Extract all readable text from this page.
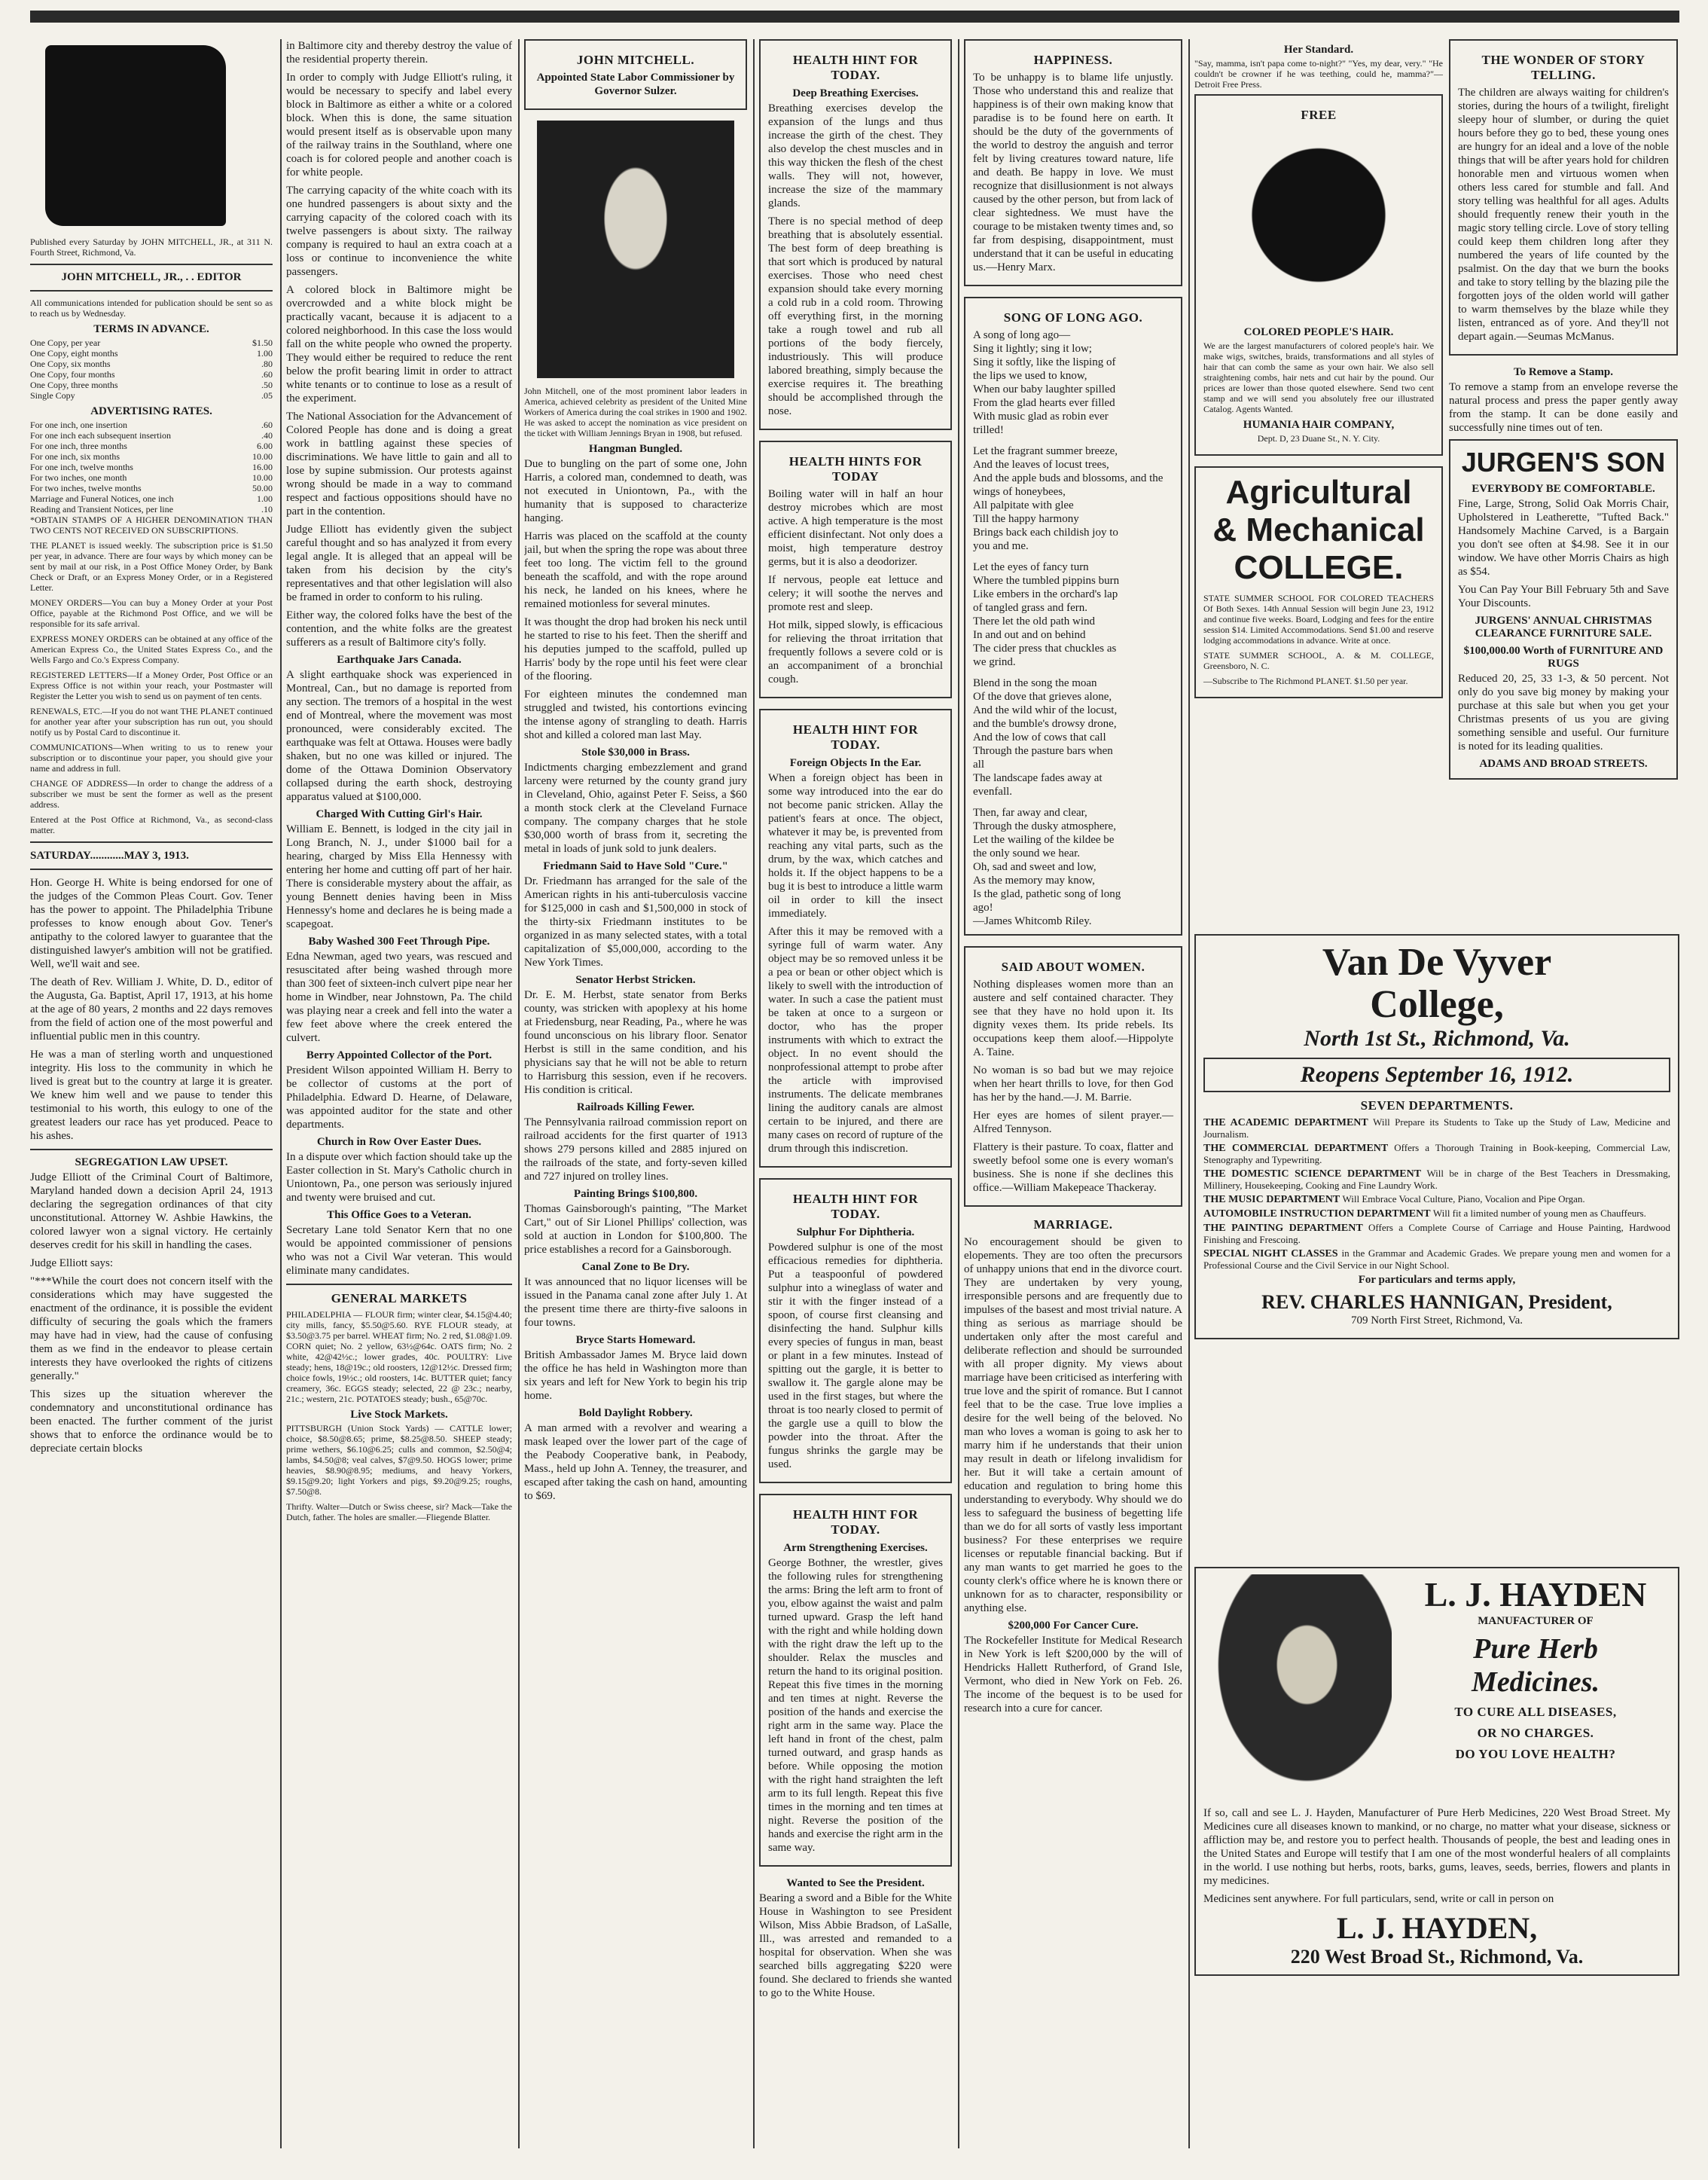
Published every Saturday by JOHN MITCHELL, JR., at 311 N. Fourth Street, Richmond, Va.

JOHN MITCHELL, JR., . . EDITOR

All communications intended for publication should be sent so as to reach us by Wednesday.

TERMS IN ADVANCE.
One Copy, per year	$1.50
One Copy, eight months	1.00
One Copy, six months	.80
One Copy, four months	.60
One Copy, three months	.50
Single Copy	.05
ADVERTISING RATES.
For one inch, one insertion	.60
For one inch each subsequent insertion	.40
For one inch, three months	6.00
For one inch, six months	10.00
For one inch, twelve months	16.00
For two inches, one month	10.00
For two inches, twelve months	50.00
Marriage and Funeral Notices, one inch	1.00
Reading and Transient Notices, per line	.10

*OBTAIN STAMPS OF A HIGHER DENOMINATION THAN TWO CENTS NOT RECEIVED ON SUBSCRIPTIONS.

THE PLANET is issued weekly. The subscription price is $1.50 per year, in advance. There are four ways by which money can be sent by mail at our risk, in a Post Office Money Order, by Bank Check or Draft, or an Express Money Order, or in a Registered Letter.

MONEY ORDERS—You can buy a Money Order at your Post Office, payable at the Richmond Post Office, and we will be responsible for its safe arrival.

EXPRESS MONEY ORDERS can be obtained at any office of the American Express Co., the United States Express Co., and the Wells Fargo and Co.'s Express Company.

REGISTERED LETTERS—If a Money Order, Post Office or an Express Office is not within your reach, your Postmaster will Register the Letter you wish to send us on payment of ten cents.

RENEWALS, ETC.—If you do not want THE PLANET continued for another year after your subscription has run out, you should notify us by Postal Card to discontinue it.

COMMUNICATIONS—When writing to us to renew your subscription or to discontinue your paper, you should give your name and address in full.

CHANGE OF ADDRESS—In order to change the address of a subscriber we must be sent the former as well as the present address.

Entered at the Post Office at Richmond, Va., as second-class matter.

SATURDAY............MAY 3, 1913.

Hon. George H. White is being endorsed for one of the judges of the Common Pleas Court. Gov. Tener has the power to appoint. The Philadelphia Tribune professes to know enough about Gov. Tener's antipathy to the colored lawyer to guarantee that the distinguished lawyer's ambition will not be gratified. Well, we'll wait and see.

The death of Rev. William J. White, D. D., editor of the Augusta, Ga. Baptist, April 17, 1913, at his home at the age of 80 years, 2 months and 22 days removes from the field of action one of the most powerful and influential public men in this country.

He was a man of sterling worth and unquestioned integrity. His loss to the community in which he lived is great but to the country at large it is greater. We knew him well and we pause to tender this testimonial to his worth, this eulogy to one of the greatest leaders our race has yet produced. Peace to his ashes.

SEGREGATION LAW UPSET.

Judge Elliott of the Criminal Court of Baltimore, Maryland handed down a decision April 24, 1913 declaring the segregation ordinances of that city unconstitutional. Attorney W. Ashbie Hawkins, the colored lawyer won a signal victory. He certainly deserves credit for his skill in handling the cases.

Judge Elliott says:

"***While the court does not concern itself with the considerations which may have suggested the enactment of the ordinance, it is possible the evident difficulty of securing the goals which the framers may have had in view, had the cause of confusing them as we find in the endeavor to please certain interests they have overlooked the rights of citizens generally."

This sizes up the situation wherever the condemnatory and unconstitutional ordinance has been enacted. The further comment of the jurist shows that to enforce the ordinance would be to depreciate certain blocks

in Baltimore city and thereby destroy the value of the residential property therein.

In order to comply with Judge Elliott's ruling, it would be necessary to specify and label every block in Baltimore as either a white or a colored block. When this is done, the same situation would present itself as is observable upon many of the railway trains in the Southland, where one coach is for colored people and another coach is for white people.

The carrying capacity of the white coach with its one hundred passengers is about sixty and the carrying capacity of the colored coach with its twelve passengers is about sixty. The railway company is required to haul an extra coach at a loss or continue to inconvenience the white passengers.

A colored block in Baltimore might be overcrowded and a white block might be practically vacant, because it is adjacent to a colored neighborhood. In this case the loss would fall on the white people who owned the property. They would either be required to reduce the rent below the profit bearing limit in order to attract white tenants or to continue to lose as a result of the experiment.

The National Association for the Advancement of Colored People has done and is doing a great work in battling against these species of discriminations. We have little to gain and all to lose by supine submission. Our protests against wrong should be made in a way to command respect and factious oppositions should have no part in the contention.

Judge Elliott has evidently given the subject careful thought and so has analyzed it from every legal angle. It is alleged that an appeal will be taken from his decision by the city's representatives and that other legislation will also be framed in order to conform to his ruling.

Either way, the colored folks have the best of the contention, and the white folks are the greatest sufferers as a result of Baltimore city's folly.

Earthquake Jars Canada.

A slight earthquake shock was experienced in Montreal, Can., but no damage is reported from any section. The tremors of a hospital in the west end of Montreal, where the movement was most pronounced, were considerably excited. The earthquake was felt at Ottawa. Houses were badly shaken, but no one was killed or injured. The dome of the Ottawa Dominion Observatory collapsed during the earth shock, destroying apparatus valued at $100,000.

Charged With Cutting Girl's Hair.

William E. Bennett, is lodged in the city jail in Long Branch, N. J., under $1000 bail for a hearing, charged by Miss Ella Hennessy with entering her home and cutting off part of her hair. There is considerable mystery about the affair, as young Bennett denies having been in Miss Hennessy's home and declares he is being made a scapegoat.

Baby Washed 300 Feet Through Pipe.

Edna Newman, aged two years, was rescued and resuscitated after being washed through more than 300 feet of sixteen-inch culvert pipe near her home in Windber, near Johnstown, Pa. The child was playing near a creek and fell into the water a few feet above where the creek entered the culvert.

Berry Appointed Collector of the Port.

President Wilson appointed William H. Berry to be collector of customs at the port of Philadelphia. Edward D. Hearne, of Delaware, was appointed auditor for the state and other departments.

Church in Row Over Easter Dues.

In a dispute over which faction should take up the Easter collection in St. Mary's Catholic church in Uniontown, Pa., one person was seriously injured and twenty were bruised and cut.

This Office Goes to a Veteran.

Secretary Lane told Senator Kern that no one would be appointed commissioner of pensions who was not a Civil War veteran. This would eliminate many candidates.

GENERAL MARKETS

PHILADELPHIA — FLOUR firm; winter clear, $4.15@4.40; city mills, fancy, $5.50@5.60. RYE FLOUR steady, at $3.50@3.75 per barrel. WHEAT firm; No. 2 red, $1.08@1.09. CORN quiet; No. 2 yellow, 63½@64c. OATS firm; No. 2 white, 42@42½c.; lower grades, 40c. POULTRY: Live steady; hens, 18@19c.; old roosters, 12@12½c. Dressed firm; choice fowls, 19½c.; old roosters, 14c. BUTTER quiet; fancy creamery, 36c. EGGS steady; selected, 22 @ 23c.; nearby, 21c.; western, 21c. POTATOES steady; bush., 65@70c.

Live Stock Markets.

PITTSBURGH (Union Stock Yards) — CATTLE lower; choice, $8.50@8.65; prime, $8.25@8.50. SHEEP steady; prime wethers, $6.10@6.25; culls and common, $2.50@4; lambs, $4.50@8; veal calves, $7@9.50. HOGS lower; prime heavies, $8.90@8.95; mediums, and heavy Yorkers, $9.15@9.20; light Yorkers and pigs, $9.20@9.25; roughs, $7.50@8.

Thrifty. Walter—Dutch or Swiss cheese, sir? Mack—Take the Dutch, father. The holes are smaller.—Fliegende Blatter.

JOHN MITCHELL.

Appointed State Labor Commissioner by Governor Sulzer.

John Mitchell, one of the most prominent labor leaders in America, achieved celebrity as president of the United Mine Workers of America during the coal strikes in 1900 and 1902. He was asked to accept the nomination as vice president on the ticket with William Jennings Bryan in 1908, but refused.

Hangman Bungled.

Due to bungling on the part of some one, John Harris, a colored man, condemned to death, was not executed in Uniontown, Pa., with the humanity that is supposed to characterize hanging.

Harris was placed on the scaffold at the county jail, but when the spring the rope was about three feet too long. The victim fell to the ground beneath the scaffold, and with the rope around his neck, he landed on his knees, where he remained motionless for several minutes.

It was thought the drop had broken his neck until he started to rise to his feet. Then the sheriff and his deputies jumped to the scaffold, pulled up Harris' body by the rope until his feet were clear of the flooring.

For eighteen minutes the condemned man struggled and twisted, his contortions evincing the intense agony of strangling to death. Harris shot and killed a colored man last May.

Stole $30,000 in Brass.

Indictments charging embezzlement and grand larceny were returned by the county grand jury in Cleveland, Ohio, against Peter F. Seiss, a $60 a month stock clerk at the Cleveland Furnace company. The company charges that he stole $30,000 worth of brass from it, secreting the metal in loads of junk sold to junk dealers.

Friedmann Said to Have Sold "Cure."

Dr. Friedmann has arranged for the sale of the American rights in his anti-tuberculosis vaccine for $125,000 in cash and $1,500,000 in stock of the thirty-six Friedmann institutes to be organized in as many selected states, with a total capitalization of $5,000,000, according to the New York Times.

Senator Herbst Stricken.

Dr. E. M. Herbst, state senator from Berks county, was stricken with apoplexy at his home at Friedensburg, near Reading, Pa., where he was found unconscious on his library floor. Senator Herbst is still in the same condition, and his physicians say that he will not be able to return to Harrisburg this session, even if he recovers. His condition is critical.

Railroads Killing Fewer.

The Pennsylvania railroad commission report on railroad accidents for the first quarter of 1913 shows 279 persons killed and 2885 injured on the railroads of the state, and forty-seven killed and 727 injured on trolley lines.

Painting Brings $100,800.

Thomas Gainsborough's painting, "The Market Cart," out of Sir Lionel Phillips' collection, was sold at auction in London for $100,800. The price establishes a record for a Gainsborough.

Canal Zone to Be Dry.

It was announced that no liquor licenses will be issued in the Panama canal zone after July 1. At the present time there are thirty-five saloons in four towns.

Bryce Starts Homeward.

British Ambassador James M. Bryce laid down the office he has held in Washington more than six years and left for New York to begin his trip home.

Bold Daylight Robbery.

A man armed with a revolver and wearing a mask leaped over the lower part of the cage of the Peabody Cooperative bank, in Peabody, Mass., held up John A. Tenney, the treasurer, and escaped after taking the cash on hand, amounting to $69.

HEALTH HINT FOR TODAY.
Deep Breathing Exercises.

Breathing exercises develop the expansion of the lungs and thus increase the girth of the chest. They also develop the chest muscles and in this way thicken the flesh of the chest walls. They will not, however, increase the size of the mammary glands.

There is no special method of deep breathing that is absolutely essential. The best form of deep breathing is that sort which is produced by natural exercises. Those who need chest expansion should take every morning a cold rub in a cold room. Throwing off everything first, in the morning take a rough towel and rub all portions of the body fiercely, industriously. This will produce labored breathing, simply because the exercise requires it. The breathing should be accomplished through the nose.

HEALTH HINTS FOR TODAY

Boiling water will in half an hour destroy microbes which are most active. A high temperature is the most efficient disinfectant. Not only does a moist, high temperature destroy germs, but it is also a deodorizer.

If nervous, people eat lettuce and celery; it will soothe the nerves and promote rest and sleep.

Hot milk, sipped slowly, is efficacious for relieving the throat irritation that frequently follows a severe cold or is an accompaniment of a bronchial cough.

HEALTH HINT FOR TODAY.
Foreign Objects In the Ear.

When a foreign object has been in some way introduced into the ear do not become panic stricken. Allay the patient's fears at once. The object, whatever it may be, is prevented from reaching any vital parts, such as the drum, by the wax, which catches and holds it. If the object happens to be a bug it is best to introduce a little warm oil in order to kill the insect immediately.

After this it may be removed with a syringe full of warm water. Any object may be so removed unless it be a pea or bean or other object which is likely to swell with the introduction of water. In such a case the patient must be taken at once to a surgeon or doctor, who has the proper instruments with which to extract the object. In no event should the nonprofessional attempt to probe after the article with improvised instruments. The delicate membranes lining the auditory canals are almost certain to be injured, and there are many cases on record of rupture of the drum through this indiscretion.

HEALTH HINT FOR TODAY.
Sulphur For Diphtheria.

Powdered sulphur is one of the most efficacious remedies for diphtheria. Put a teaspoonful of powdered sulphur into a wineglass of water and stir it with the finger instead of a spoon, of course first cleansing and disinfecting the hand. Sulphur kills every species of fungus in man, beast or plant in a few minutes. Instead of spitting out the gargle, it is better to swallow it. The gargle alone may be used in the first stages, but where the throat is too nearly closed to permit of the gargle use a quill to blow the powder into the throat. After the fungus shrinks the gargle may be used.

HEALTH HINT FOR TODAY.
Arm Strengthening Exercises.

George Bothner, the wrestler, gives the following rules for strengthening the arms: Bring the left arm to front of you, elbow against the waist and palm turned upward. Grasp the left hand with the right and while holding down with the right draw the left up to the shoulder. Relax the muscles and return the hand to its original position. Repeat this five times in the morning and ten times at night. Reverse the position of the hands and exercise the right arm in the same way. Place the left hand in front of the chest, palm turned outward, and grasp hands as before. While opposing the motion with the right hand straighten the left arm to its full length. Repeat this five times in the morning and ten times at night. Reverse the position of the hands and exercise the right arm in the same way.

Wanted to See the President.

Bearing a sword and a Bible for the White House in Washington to see President Wilson, Miss Abbie Bradson, of LaSalle, Ill., was arrested and remanded to a hospital for observation. When she was searched bills aggregating $220 were found. She declared to friends she wanted to go to the White House.

HAPPINESS.

To be unhappy is to blame life unjustly. Those who understand this and realize that happiness is of their own making know that paradise is to be found here on earth. It should be the duty of the governments of the world to destroy the anguish and terror felt by living creatures toward nature, life and death. Be happy in love. We must recognize that disillusionment is not always caused by the other person, but from lack of clear sightedness. We must have the courage to be mistaken twenty times and, so far from despising, disappointment, must understand that it can be useful in educating us.—Henry Marx.

SONG OF LONG AGO.
A song of long ago—
Sing it lightly; sing it low;
Sing it softly, like the lisping of
the lips we used to know,
When our baby laughter spilled
From the glad hearts ever filled
With music glad as robin ever
trilled!
Let the fragrant summer breeze,
And the leaves of locust trees,
And the apple buds and blossoms, and the wings of honeybees,
All palpitate with glee
Till the happy harmony
Brings back each childish joy to
you and me.
Let the eyes of fancy turn
Where the tumbled pippins burn
Like embers in the orchard's lap
of tangled grass and fern.
There let the old path wind
In and out and on behind
The cider press that chuckles as
we grind.
Blend in the song the moan
Of the dove that grieves alone,
And the wild whir of the locust,
and the bumble's drowsy drone,
And the low of cows that call
Through the pasture bars when
all
The landscape fades away at
evenfall.
Then, far away and clear,
Through the dusky atmosphere,
Let the wailing of the kildee be
the only sound we hear.
Oh, sad and sweet and low,
As the memory may know,
Is the glad, pathetic song of long
ago!
—James Whitcomb Riley.
SAID ABOUT WOMEN.

Nothing displeases women more than an austere and self contained character. They see that they have no hold upon it. Its dignity vexes them. Its pride rebels. Its occupations keep them aloof.—Hippolyte A. Taine.

No woman is so bad but we may rejoice when her heart thrills to love, for then God has her by the hand.—J. M. Barrie.

Her eyes are homes of silent prayer.—Alfred Tennyson.

Flattery is their pasture. To coax, flatter and sweetly befool some one is every woman's business. She is none if she declines this office.—William Makepeace Thackeray.

MARRIAGE.

No encouragement should be given to elopements. They are too often the precursors of unhappy unions that end in the divorce court. They are undertaken by very young, irresponsible persons and are frequently due to impulses of the basest and most trivial nature. A thing as serious as marriage should be undertaken only after the most careful and deliberate reflection and should be surrounded with all proper dignity. My views about marriage have been criticised as interfering with true love and the spirit of romance. But I cannot feel that to be the case. True love implies a desire for the well being of the beloved. No man who loves a woman is going to ask her to marry him if he understands that their union may result in death or lifelong invalidism for her. But it will take a certain amount of education and regulation to bring home this understanding to everybody. Why should we do less to safeguard the business of begetting life than we do for all sorts of vastly less important business? For these enterprises we require licenses or reputable financial backing. But if any man wants to get married he goes to the county clerk's office where he is known there or unknown for as to character, responsibility or anything else.

$200,000 For Cancer Cure.

The Rockefeller Institute for Medical Research in New York is left $200,000 by the will of Hendricks Hallett Rutherford, of Grand Isle, Vermont, who died in New York on Feb. 26. The income of the bequest is to be used for research into a cure for cancer.

Her Standard.

"Say, mamma, isn't papa come to-night?" "Yes, my dear, very." "He couldn't be crowner if he was teething, could he, mamma?"—Detroit Free Press.

FREE
COLORED PEOPLE'S HAIR.

We are the largest manufacturers of colored people's hair. We make wigs, switches, braids, transformations and all styles of hair that can comb the same as your own hair. We also sell straightening combs, hair nets and cut hair by the pound. Our prices are lower than those quoted elsewhere. Send two cent stamp and we will send you absolutely free our illustrated Catalog. Agents Wanted.

HUMANIA HAIR COMPANY,

Dept. D, 23 Duane St., N. Y. City.

Agricultural
& Mechanical
COLLEGE.

STATE SUMMER SCHOOL FOR COLORED TEACHERS Of Both Sexes. 14th Annual Session will begin June 23, 1912 and continue five weeks. Board, Lodging and fees for the entire session $14. Limited Accommodations. Send $1.00 and reserve lodging accommodations in advance. Write at once.

STATE SUMMER SCHOOL, A. & M. COLLEGE, Greensboro, N. C.

—Subscribe to The Richmond PLANET. $1.50 per year.

THE WONDER OF STORY TELLING.

The children are always waiting for children's stories, during the hours of a twilight, firelight sleepy hour of slumber, or during the quiet hours before they go to bed, these young ones are hungry for an ideal and a love of the noble things that will be after years hold for children honorable men and virtuous women when others less cared for stumble and fall. And story telling was healthful for all ages. Adults should frequently renew their youth in the magic story telling circle. Love of story telling could keep them children long after they numbered the years of life counted by the psalmist. On the day that we burn the books and take to story telling by the blazing pile the forgotten joys of the olden world will gather to warm themselves by the blaze while they listen, entranced as of yore. And they'll not depart again.—Seumas McManus.

To Remove a Stamp.

To remove a stamp from an envelope reverse the natural process and press the paper gently away from the stamp. It can be done easily and successfully nine times out of ten.

JURGEN'S SON
EVERYBODY BE COMFORTABLE.

Fine, Large, Strong, Solid Oak Morris Chair, Upholstered in Leatherette, "Tufted Back." Handsomely Machine Carved, is a Bargain you don't see often at $4.98. See it in our window. We have other Morris Chairs as high as $54.

You Can Pay Your Bill February 5th and Save Your Discounts.

JURGENS' ANNUAL CHRISTMAS CLEARANCE FURNITURE SALE.
$100,000.00 Worth of FURNITURE AND RUGS

Reduced 20, 25, 33 1-3, & 50 percent. Not only do you save big money by making your purchase at this sale but when you get your Christmas presents of us you are giving something sensible and useful. Our furniture is noted for its leading qualities.

ADAMS AND BROAD STREETS.
Van De Vyver
College,
North 1st St., Richmond, Va.
Reopens September 16, 1912.
SEVEN DEPARTMENTS.

THE ACADEMIC DEPARTMENT Will Prepare its Students to Take up the Study of Law, Medicine and Journalism.

THE COMMERCIAL DEPARTMENT Offers a Thorough Training in Book-keeping, Commercial Law, Stenography and Typewriting.

THE DOMESTIC SCIENCE DEPARTMENT Will be in charge of the Best Teachers in Dressmaking, Millinery, Housekeeping, Cooking and Fine Laundry Work.

THE MUSIC DEPARTMENT Will Embrace Vocal Culture, Piano, Vocalion and Pipe Organ.

AUTOMOBILE INSTRUCTION DEPARTMENT Will fit a limited number of young men as Chauffeurs.

THE PAINTING DEPARTMENT Offers a Complete Course of Carriage and House Painting, Hardwood Finishing and Frescoing.

SPECIAL NIGHT CLASSES in the Grammar and Academic Grades. We prepare young men and women for a Professional Course and the Civil Service in our Night School.

For particulars and terms apply,

REV. CHARLES HANNIGAN, President,

709 North First Street, Richmond, Va.

L. J. HAYDEN

MANUFACTURER OF

Pure Herb
Medicines.
TO CURE ALL DISEASES,
OR NO CHARGES.
DO YOU LOVE HEALTH?

If so, call and see L. J. Hayden, Manufacturer of Pure Herb Medicines, 220 West Broad Street. My Medicines cure all diseases known to mankind, or no charge, no matter what your disease, sickness or affliction may be, and restore you to perfect health. Thousands of people, the best and leading ones in the United States and Europe will testify that I am one of the most wonderful healers of all complaints in the world. I use nothing but herbs, roots, barks, gums, leaves, seeds, berries, flowers and plants in my medicines.

Medicines sent anywhere. For full particulars, send, write or call in person on

L. J. HAYDEN,
220 West Broad St., Richmond, Va.
